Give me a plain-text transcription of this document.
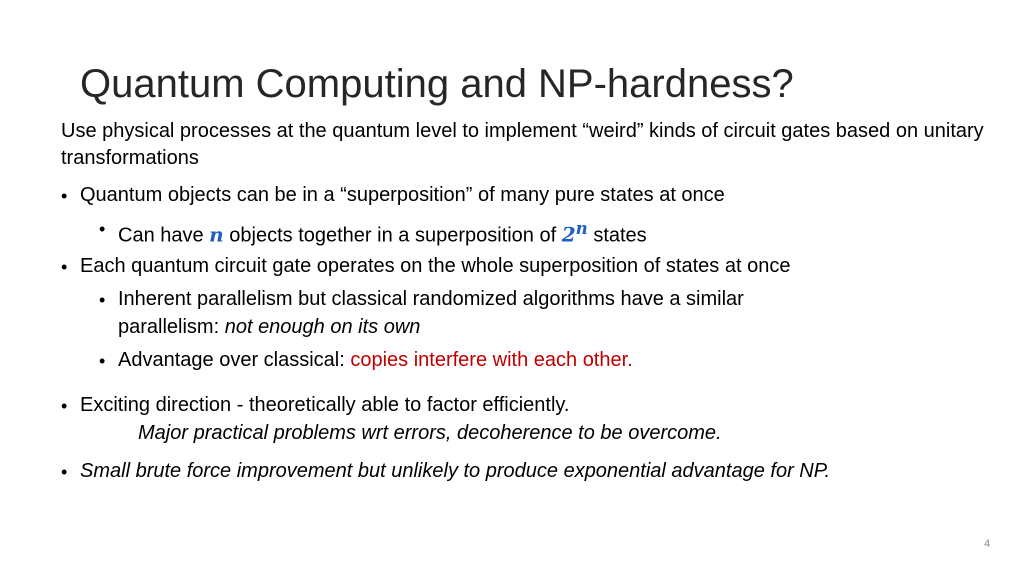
Quantum Computing and NP-hardness?
Use physical processes at the quantum level to implement “weird” kinds of circuit gates based on unitary transformations
• Quantum objects can be in a “superposition” of many pure states at once
• Can have n objects together in a superposition of 2$^n$ states
• Each quantum circuit gate operates on the whole superposition of states at once
• Inherent parallelism but classical randomized algorithms have a similar
parallelism: not enough on its own
• Advantage over classical: copies interfere with each other.
• Exciting direction - theoretically able to factor efficiently.
Major practical problems wrt errors, decoherence to be overcome.
• Small brute force improvement but unlikely to produce exponential advantage for NP.
4
